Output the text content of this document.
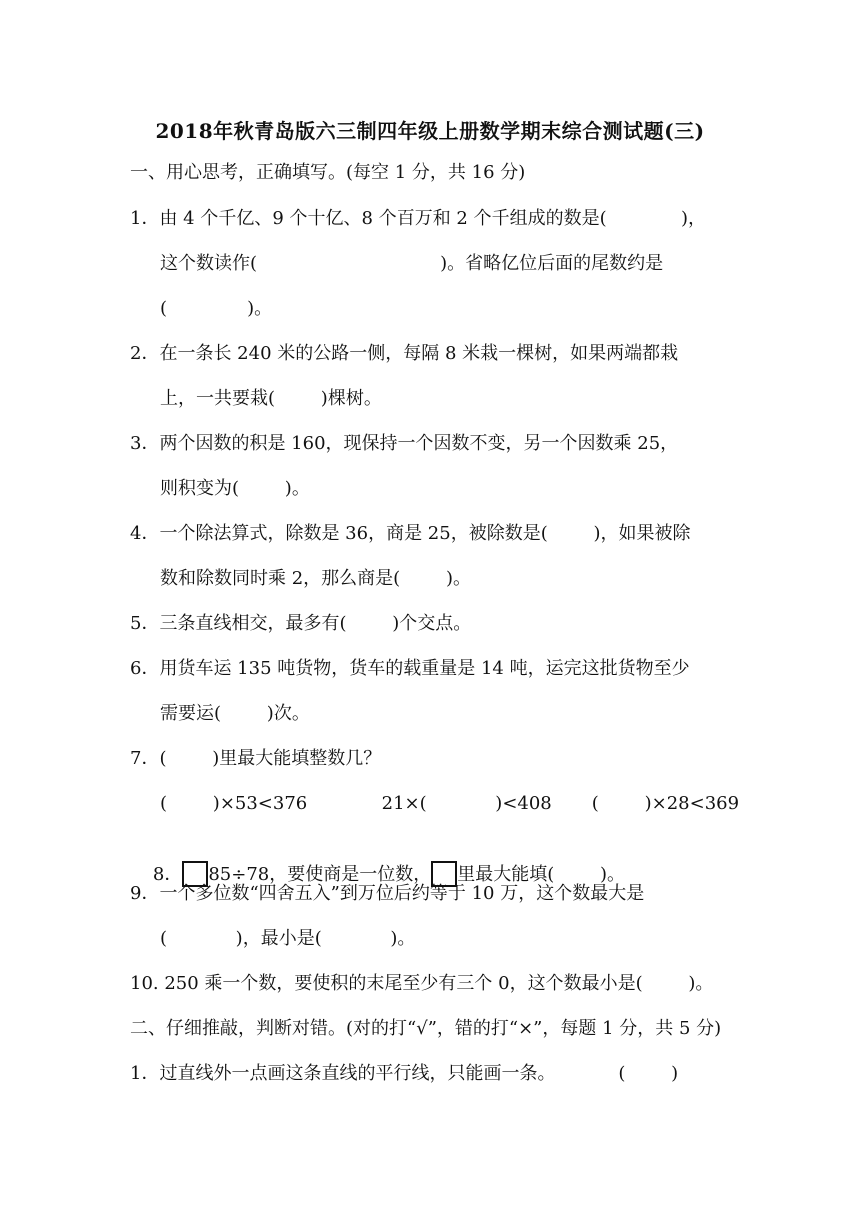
2018年秋青岛版六三制四年级上册数学期末综合测试题(三)
一、用心思考，正确填写。(每空 1 分，共 16 分)
1．由 4 个千亿、9 个十亿、8 个百万和 2 个千组成的数是(             )，
这个数读作(                                )。省略亿位后面的尾数约是
(              )。
2．在一条长 240 米的公路一侧，每隔 8 米栽一棵树，如果两端都栽
上，一共要栽(        )棵树。
3．两个因数的积是 160，现保持一个因数不变，另一个因数乘 25，
则积变为(        )。
4．一个除法算式，除数是 36，商是 25，被除数是(        )，如果被除
数和除数同时乘 2，那么商是(        )。
5．三条直线相交，最多有(        )个交点。
6．用货车运 135 吨货物，货车的载重量是 14 吨，运完这批货物至少
需要运(        )次。
7．(        )里最大能填整数几？
(        )×53<376             21×(            )<408       (        )×28<369

8． 85÷78，要使商是一位数， 里最大能填(        )。

9．一个多位数“四舍五入”到万位后约等于 10 万，这个数最大是
(            )，最小是(            )。
10. 250 乘一个数，要使积的末尾至少有三个 0，这个数最小是(        )。
二、仔细推敲，判断对错。(对的打“√”，错的打“×”，每题 1 分，共 5 分)
1．过直线外一点画这条直线的平行线，只能画一条。           (        )
